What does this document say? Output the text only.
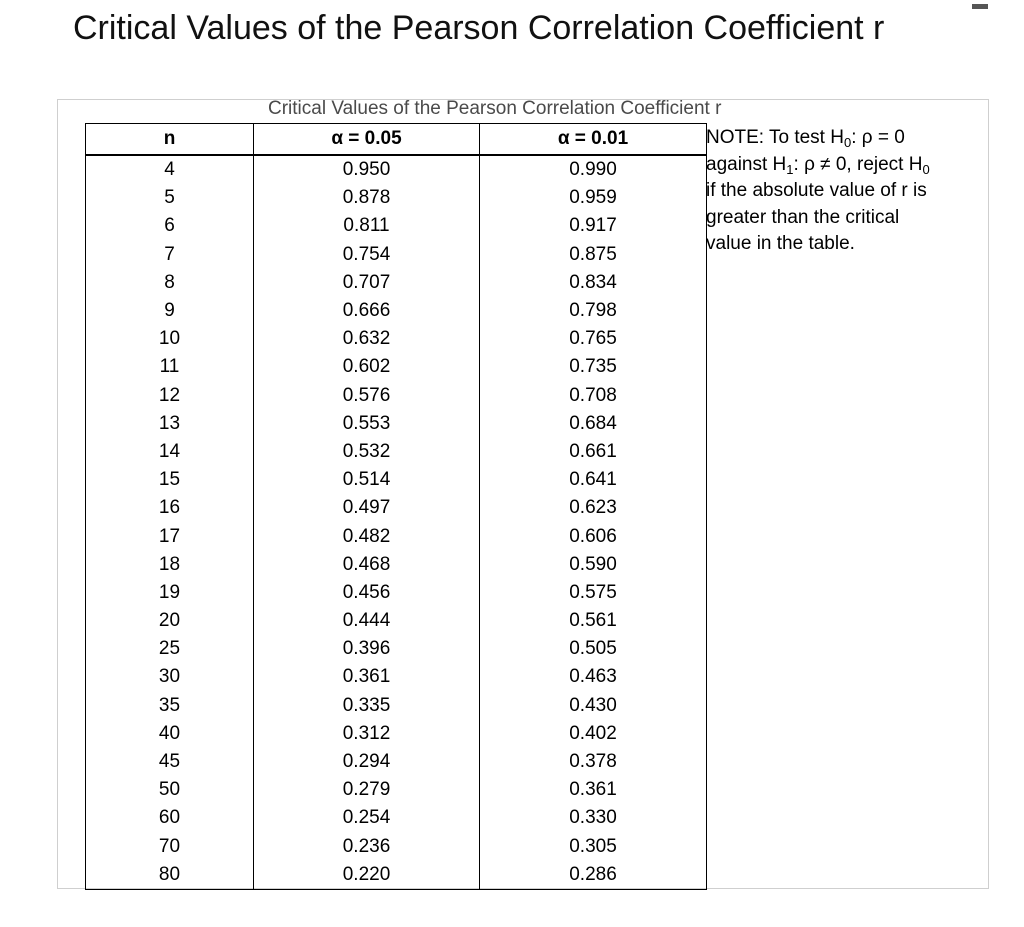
Critical Values of the Pearson Correlation Coefficient r
Critical Values of the Pearson Correlation Coefficient r
n	α = 0.05	α = 0.01
4	0.950	0.990
5	0.878	0.959
6	0.811	0.917
7	0.754	0.875
8	0.707	0.834
9	0.666	0.798
10	0.632	0.765
11	0.602	0.735
12	0.576	0.708
13	0.553	0.684
14	0.532	0.661
15	0.514	0.641
16	0.497	0.623
17	0.482	0.606
18	0.468	0.590
19	0.456	0.575
20	0.444	0.561
25	0.396	0.505
30	0.361	0.463
35	0.335	0.430
40	0.312	0.402
45	0.294	0.378
50	0.279	0.361
60	0.254	0.330
70	0.236	0.305
80	0.220	0.286
NOTE: To test $H_0$: ρ = 0
against $H_1$: ρ ≠ 0, reject $H_0$
if the absolute value of r is
greater than the critical
value in the table.
